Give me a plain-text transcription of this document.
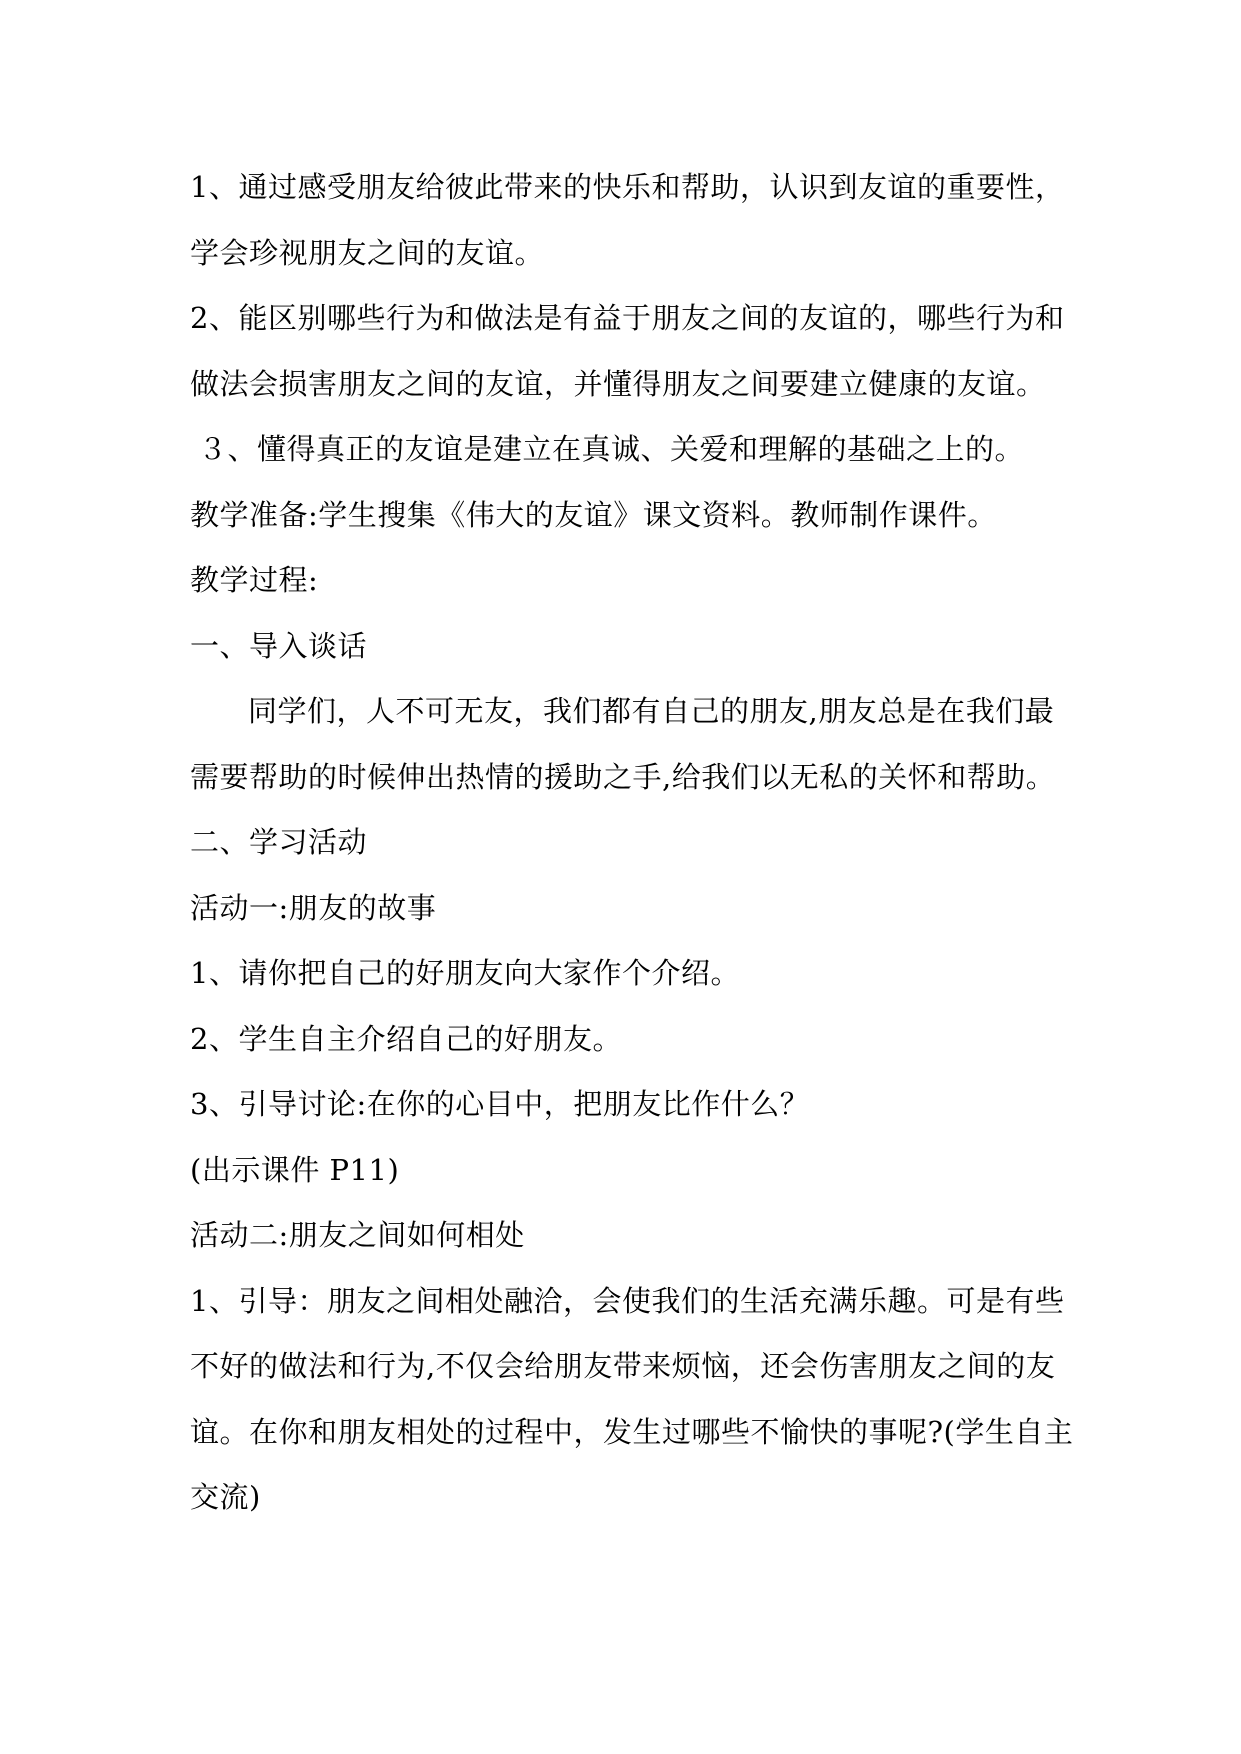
1、通过感受朋友给彼此带来的快乐和帮助，认识到友谊的重要性，
学会珍视朋友之间的友谊。
2、能区别哪些行为和做法是有益于朋友之间的友谊的，哪些行为和
做法会损害朋友之间的友谊，并懂得朋友之间要建立健康的友谊。
３、懂得真正的友谊是建立在真诚、关爱和理解的基础之上的。
教学准备:学生搜集《伟大的友谊》课文资料。教师制作课件。
教学过程:
一、导入谈话
同学们，人不可无友，我们都有自己的朋友,朋友总是在我们最
需要帮助的时候伸出热情的援助之手,给我们以无私的关怀和帮助。
二、学习活动
活动一:朋友的故事
1、请你把自己的好朋友向大家作个介绍。
2、学生自主介绍自己的好朋友。
3、引导讨论:在你的心目中，把朋友比作什么？
(出示课件 P11)
活动二:朋友之间如何相处
1、引导：朋友之间相处融洽，会使我们的生活充满乐趣。可是有些
不好的做法和行为,不仅会给朋友带来烦恼，还会伤害朋友之间的友
谊。在你和朋友相处的过程中，发生过哪些不愉快的事呢?(学生自主
交流)
